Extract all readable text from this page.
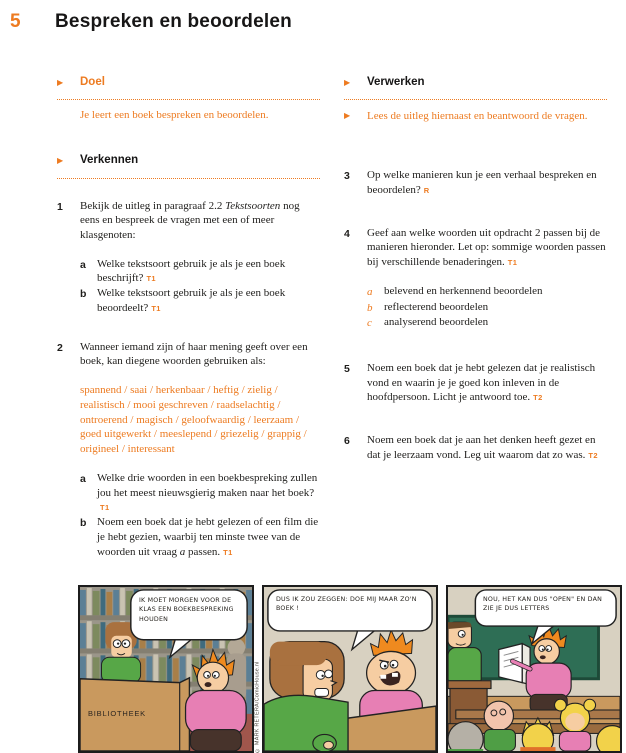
5	Bespreken en beoordelen
▶	Doel
Je leert een boek bespreken en beoordelen.
▶	Verkennen
1	Bekijk de uitleg in paragraaf 2.2 Tekstsoorten nog eens en bespreek de vragen met een of meer klasgenoten:
a	Welke tekstsoort gebruik je als je een boek beschrijft? T1
b Welke tekstsoort gebruik je als je een boek beoordeelt? T1
2	Wanneer iemand zijn of haar mening geeft over een boek, kan diegene woorden gebruiken als:
spannend / saai / herkenbaar / heftig / zielig / realistisch / mooi geschreven / raadselachtig / ontroerend / magisch / geloofwaardig / leerzaam / goed uitgewerkt / meeslepend / griezelig / grappig / origineel / interessant
a	Welke drie woorden in een boekbespreking zullen jou het meest nieuwsgierig maken naar het boek?T1
b Noem een boek dat je hebt gelezen of een film die je hebt gezien, waarbij ten minste twee van de woorden uit vraag a passen. T1
▶	Verwerken
▶	Lees de uitleg hiernaast en beantwoord de vragen.
3	Op welke manieren kun je een verhaal bespreken en beoordelen? R
4	Geef aan welke woorden uit opdracht 2 passen bij de manieren hieronder. Let op: sommige woorden passen bij verschillende benaderingen. T1
a	belevend en herkennend beoordelen
b	reflecterend beoordelen
c	analyserend beoordelen
5	Noem een boek dat je hebt gelezen dat je realistisch vond en waarin je je goed kon inleven in de hoofdpersoon. Licht je antwoord toe. T2
6	Noem een boek dat je aan het denken heeft gezet en dat je leerzaam vond. Leg uit waarom dat zo was. T2
IK MOET MORGEN VOOR DE KLAS EEN BOEKBESPREKING HOUDEN
BIBLIOTHEEK
DUS IK ZOU ZEGGEN: DOE MIJ MAAR ZO'N BOEK !
NOU, HET KAN DUS "OPEN" EN DAN ZIE JE DUS LETTERS
© MARK RETERA/ComicHouse.nl
